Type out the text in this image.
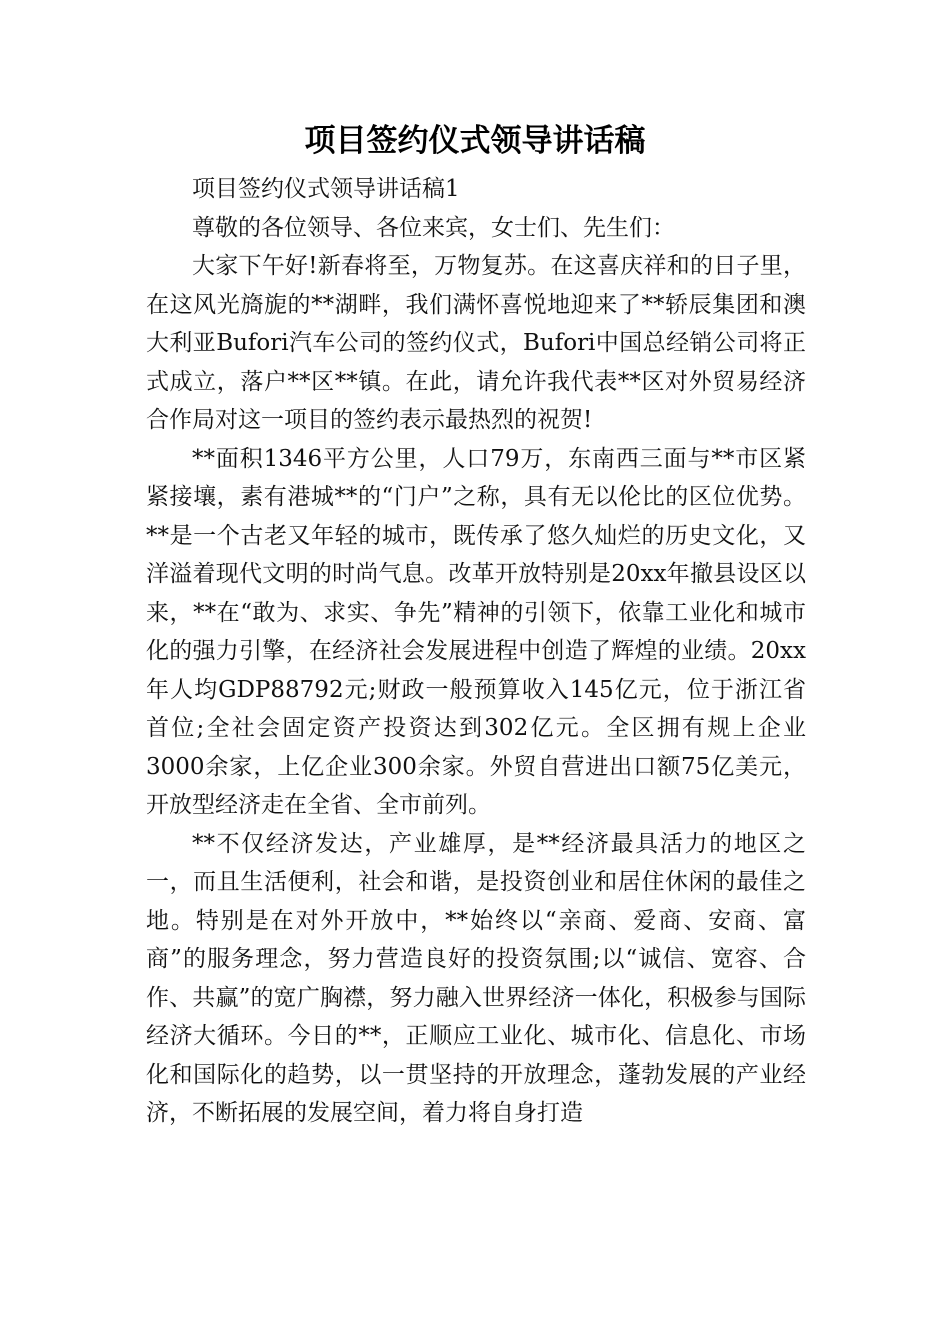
项目签约仪式领导讲话稿

项目签约仪式领导讲话稿1

尊敬的各位领导、各位来宾，女士们、先生们：

大家下午好!新春将至，万物复苏。在这喜庆祥和的日子里，在这风光旖旎的**湖畔，我们满怀喜悦地迎来了**轿辰集团和澳大利亚Bufori汽车公司的签约仪式，Bufori中国总经销公司将正式成立，落户**区**镇。在此，请允许我代表**区对外贸易经济合作局对这一项目的签约表示最热烈的祝贺!

**面积1346平方公里，人口79万，东南西三面与**市区紧紧接壤，素有港城**的“门户”之称，具有无以伦比的区位优势。**是一个古老又年轻的城市，既传承了悠久灿烂的历史文化，又洋溢着现代文明的时尚气息。改革开放特别是20xx年撤县设区以来，**在“敢为、求实、争先”精神的引领下，依靠工业化和城市化的强力引擎，在经济社会发展进程中创造了辉煌的业绩。20xx年人均GDP88792元;财政一般预算收入145亿元，位于浙江省首位;全社会固定资产投资达到302亿元。全区拥有规上企业3000余家，上亿企业300余家。外贸自营进出口额75亿美元，开放型经济走在全省、全市前列。

**不仅经济发达，产业雄厚，是**经济最具活力的地区之一，而且生活便利，社会和谐，是投资创业和居住休闲的最佳之地。特别是在对外开放中，**始终以“亲商、爱商、安商、富商”的服务理念，努力营造良好的投资氛围;以“诚信、宽容、合作、共赢”的宽广胸襟，努力融入世界经济一体化，积极参与国际经济大循环。今日的**，正顺应工业化、城市化、信息化、市场化和国际化的趋势，以一贯坚持的开放理念，蓬勃发展的产业经济，不断拓展的发展空间，着力将自身打造
